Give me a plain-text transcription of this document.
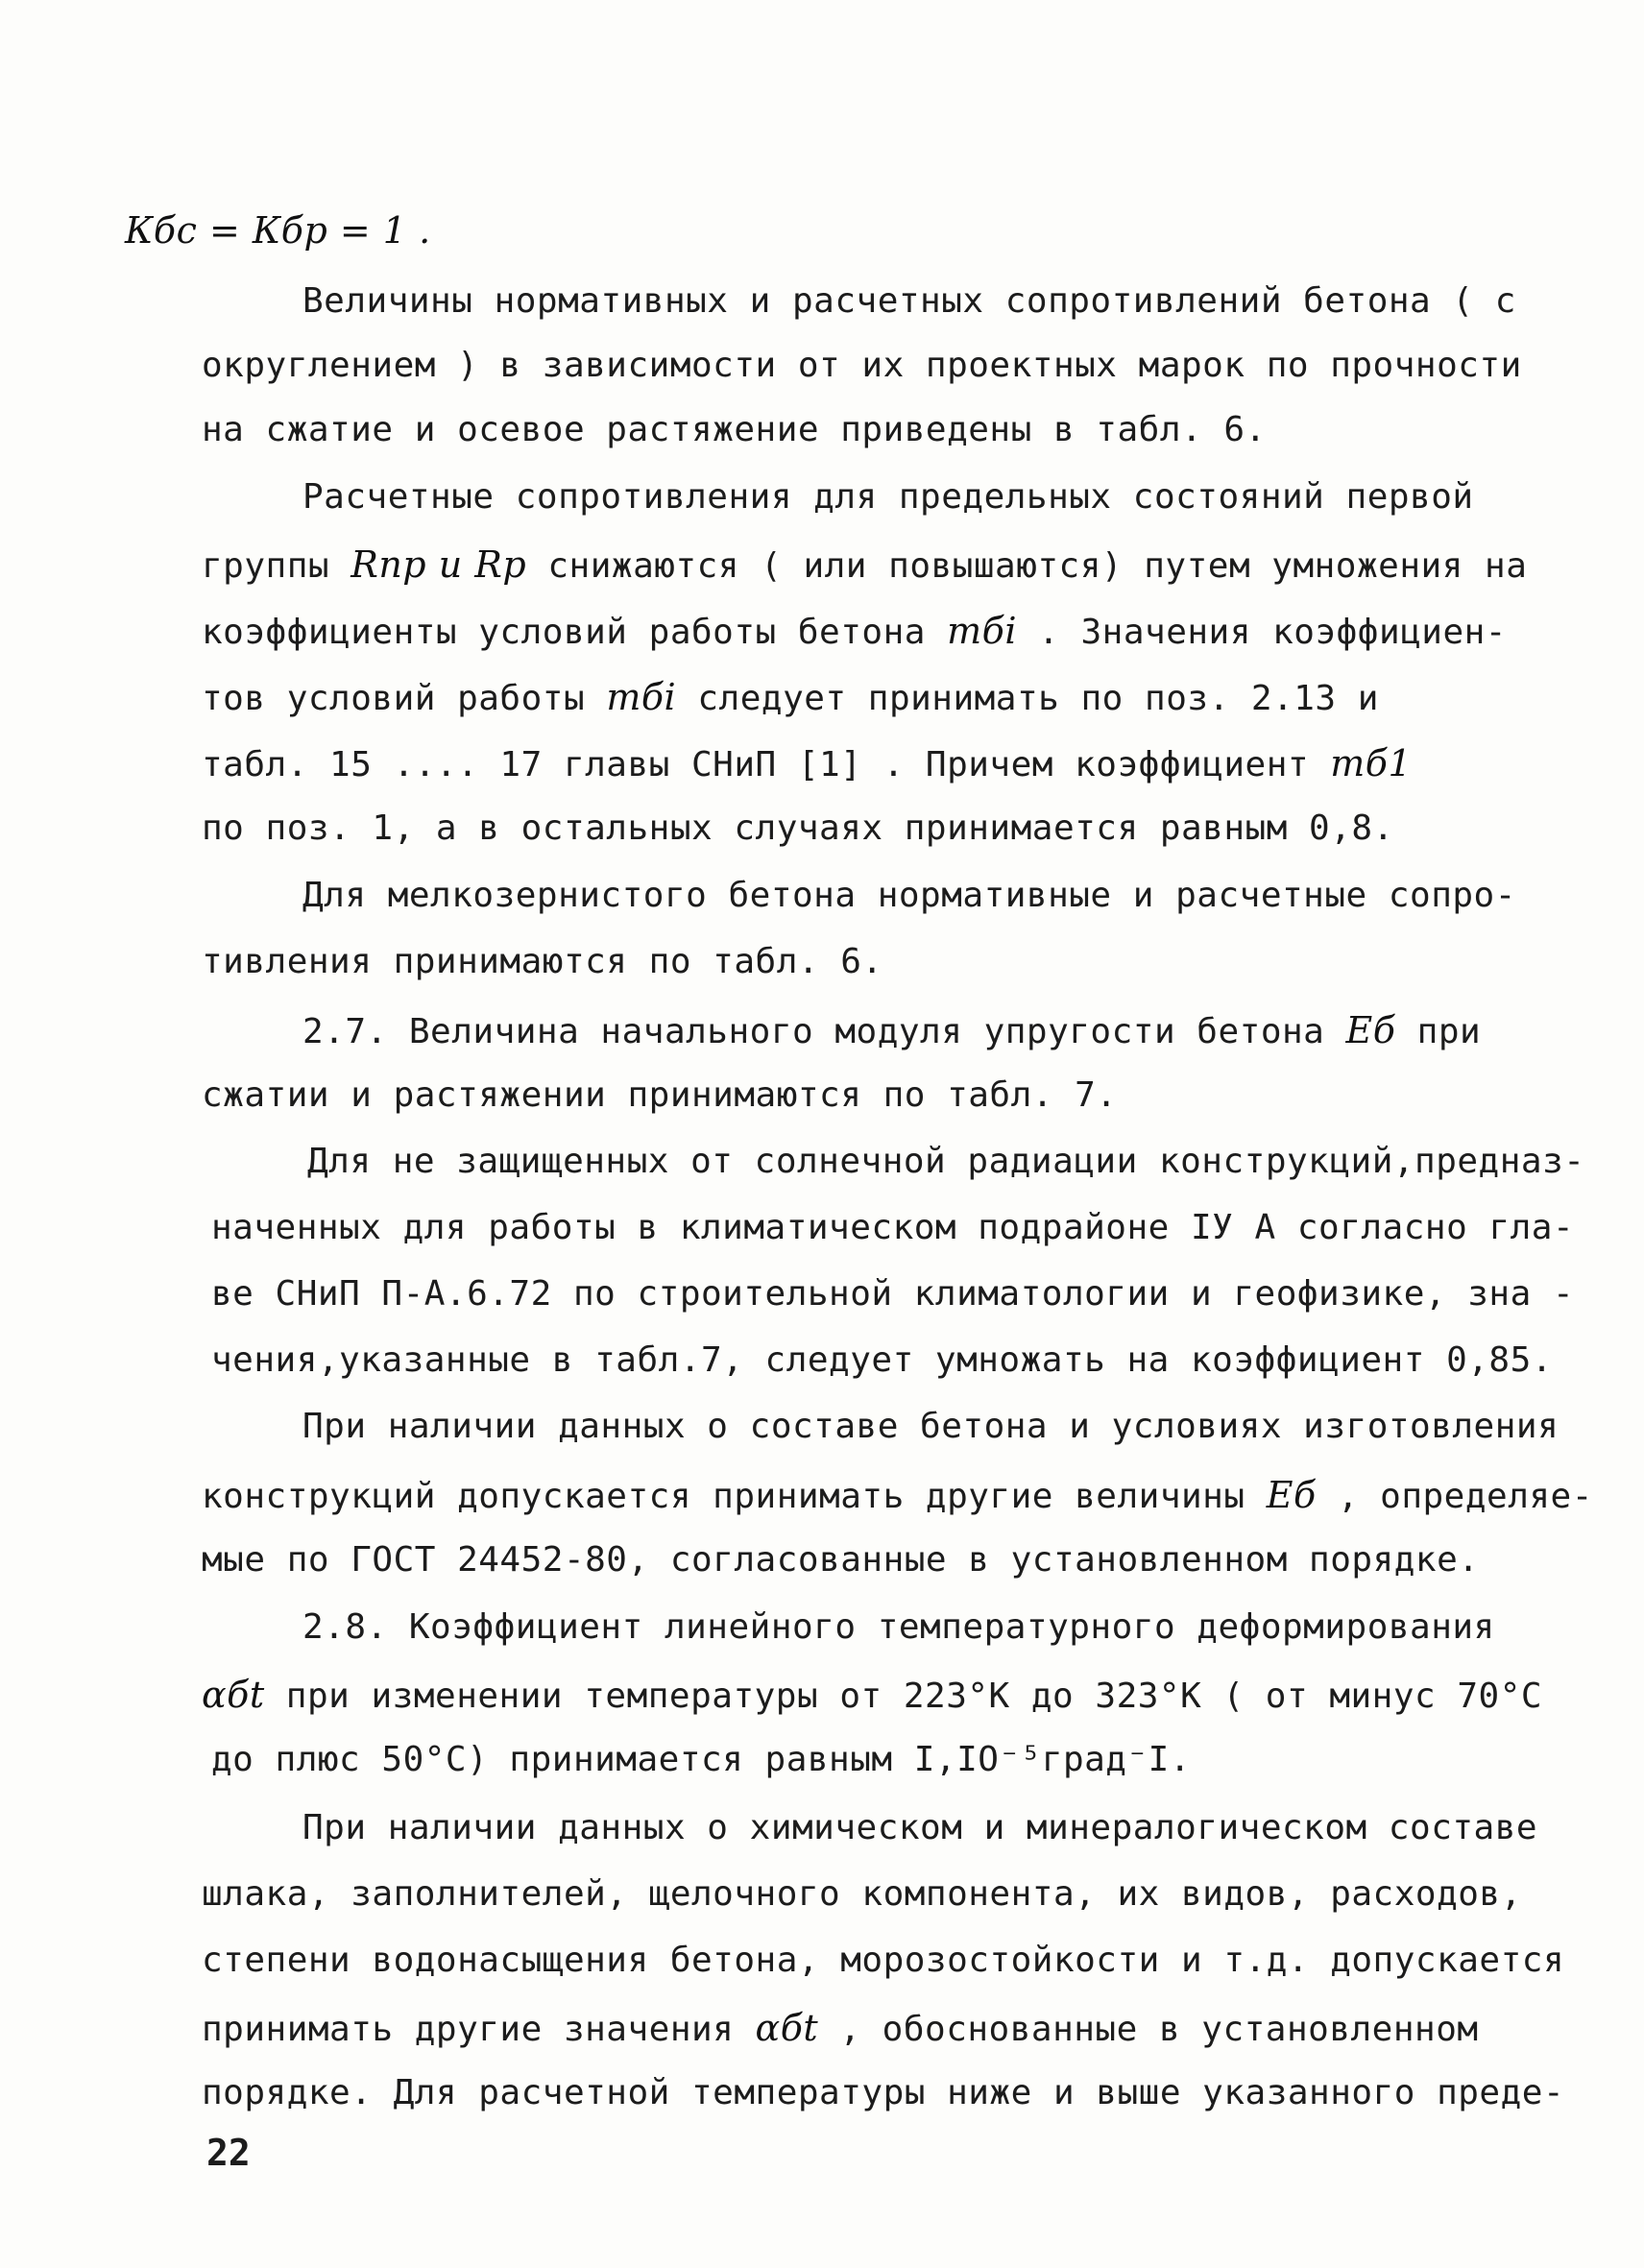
Кбс = Кбр = 1 .
Величины нормативных и расчетных сопротивлений бетона ( с
округлением ) в зависимости от их проектных марок по прочности
на сжатие и осевое растяжение приведены в табл. 6.
Расчетные сопротивления для предельных состояний первой
группы Rпр и Rр снижаются ( или повышаются) путем умножения на
коэффициенты условий работы бетона mбi . Значения коэффициен-
тов условий работы mбi следует принимать по поз. 2.13 и
табл. 15 .... 17 главы СНиП [1] . Причем коэффициент mб1
по поз. 1, а в остальных случаях принимается равным 0,8.
Для мелкозернистого бетона нормативные и расчетные сопро-
тивления принимаются по табл. 6.
2.7. Величина начального модуля упругости бетона Eб при
сжатии и растяжении принимаются по табл. 7.
Для не защищенных от солнечной радиации конструкций,предназ-
наченных для работы в климатическом подрайоне IУ А согласно гла-
ве СНиП П-А.6.72 по строительной климатологии и геофизике, зна -
чения,указанные в табл.7, следует умножать на коэффициент 0,85.
При наличии данных о составе бетона и условиях изготовления
конструкций допускается принимать другие величины Eб , определяе-
мые по ГОСТ 24452-80, согласованные в установленном порядке.
2.8. Коэффициент линейного температурного деформирования
αбt при изменении температуры от 223°К до 323°К ( от минус 70°С
до плюс 50°С) принимается равным I,IO⁻⁵град⁻I.
При наличии данных о химическом и минералогическом составе
шлака, заполнителей, щелочного компонента, их видов, расходов,
степени водонасыщения бетона, морозостойкости и т.д. допускается
принимать другие значения αбt , обоснованные в установленном
порядке. Для расчетной температуры ниже и выше указанного преде-
22
